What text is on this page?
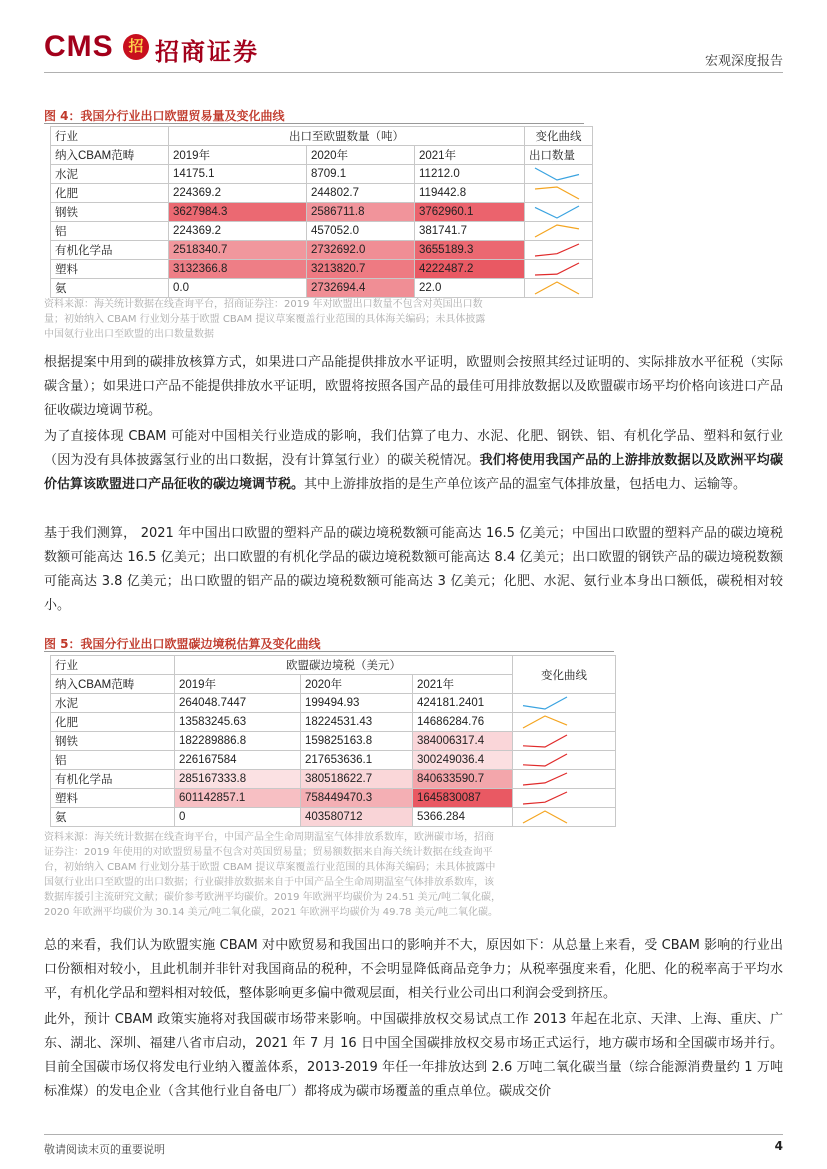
CMS 招 招商证券	宏观深度报告
图 4：我国分行业出口欧盟贸易量及变化曲线
行业	出口至欧盟数量（吨）			变化曲线
纳入CBAM范畴	2019年	2020年	2021年	出口数量
水泥	14175.1	8709.1	11212.0	

化肥	224369.2	244802.7	119442.8	

钢铁	3627984.3	2586711.8	3762960.1	

铝	224369.2	457052.0	381741.7	

有机化学品	2518340.7	2732692.0	3655189.3	

塑料	3132366.8	3213820.7	4222487.2	

氨	0.0	2732694.4	22.0	
资料来源：海关统计数据在线查询平台，招商证券注：2019 年对欧盟出口数量不包含对英国出口数
量；初始纳入 CBAM 行业划分基于欧盟 CBAM 提议草案覆盖行业范围的具体海关编码；未具体披露
中国氨行业出口至欧盟的出口数量数据
根据提案中用到的碳排放核算方式，如果进口产品能提供排放水平证明，欧盟则会按照其经过证明的、实际排放水平征税（实际碳含量）；如果进口产品不能提供排放水平证明，欧盟将按照各国产品的最佳可用排放数据以及欧盟碳市场平均价格向该进口产品征收碳边境调节税。
为了直接体现 CBAM 可能对中国相关行业造成的影响，我们估算了电力、水泥、化肥、钢铁、铝、有机化学品、塑料和氨行业（因为没有具体披露氢行业的出口数据，没有计算氢行业）的碳关税情况。我们将使用我国产品的上游排放数据以及欧洲平均碳价估算该欧盟进口产品征收的碳边境调节税。其中上游排放指的是生产单位该产品的温室气体排放量，包括电力、运输等。
基于我们测算， 2021 年中国出口欧盟的塑料产品的碳边境税数额可能高达 16.5 亿美元；中国出口欧盟的塑料产品的碳边境税数额可能高达 16.5 亿美元；出口欧盟的有机化学品的碳边境税数额可能高达 8.4 亿美元；出口欧盟的钢铁产品的碳边境税数额可能高达 3.8 亿美元；出口欧盟的铝产品的碳边境税数额可能高达 3 亿美元；化肥、水泥、氨行业本身出口额低，碳税相对较小。
图 5：我国分行业出口欧盟碳边境税估算及变化曲线
行业	欧盟碳边境税（美元）			变化曲线
纳入CBAM范畴	2019年	2020年	2021年	
水泥	264048.7447	199494.93	424181.2401	

化肥	13583245.63	18224531.43	14686284.76	

钢铁	182289886.8	159825163.8	384006317.4	

铝	226167584	217653636.1	300249036.4	

有机化学品	285167333.8	380518622.7	840633590.7	

塑料	601142857.1	758449470.3	1645830087	

氨	0	403580712	5366.284	
资料来源：海关统计数据在线查询平台，中国产品全生命周期温室气体排放系数库，欧洲碳市场，招商
证券注：2019 年使用的对欧盟贸易量不包含对英国贸易量；贸易额数据来自海关统计数据在线查询平
台，初始纳入 CBAM 行业划分基于欧盟 CBAM 提议草案覆盖行业范围的具体海关编码；未具体披露中
国氨行业出口至欧盟的出口数据；行业碳排放数据来自于中国产品全生命周期温室气体排放系数库，该
数据库援引主流研究文献；碳价参考欧洲平均碳价。2019 年欧洲平均碳价为 24.51 美元/吨二氧化碳，
2020 年欧洲平均碳价为 30.14 美元/吨二氧化碳，2021 年欧洲平均碳价为 49.78 美元/吨二氧化碳。
总的来看，我们认为欧盟实施 CBAM 对中欧贸易和我国出口的影响并不大，原因如下：从总量上来看，受 CBAM 影响的行业出口份额相对较小，且此机制并非针对我国商品的税种，不会明显降低商品竞争力；从税率强度来看，化肥、化的税率高于平均水平，有机化学品和塑料相对较低，整体影响更多偏中微观层面，相关行业公司出口利润会受到挤压。
此外，预计 CBAM 政策实施将对我国碳市场带来影响。中国碳排放权交易试点工作 2013 年起在北京、天津、上海、重庆、广东、湖北、深圳、福建八省市启动，2021 年 7 月 16 日中国全国碳排放权交易市场正式运行，地方碳市场和全国碳市场并行。目前全国碳市场仅将发电行业纳入覆盖体系，2013-2019 年任一年排放达到 2.6 万吨二氧化碳当量（综合能源消费量约 1 万吨标准煤）的发电企业（含其他行业自备电厂）都将成为碳市场覆盖的重点单位。碳成交价
敬请阅读末页的重要说明	4
